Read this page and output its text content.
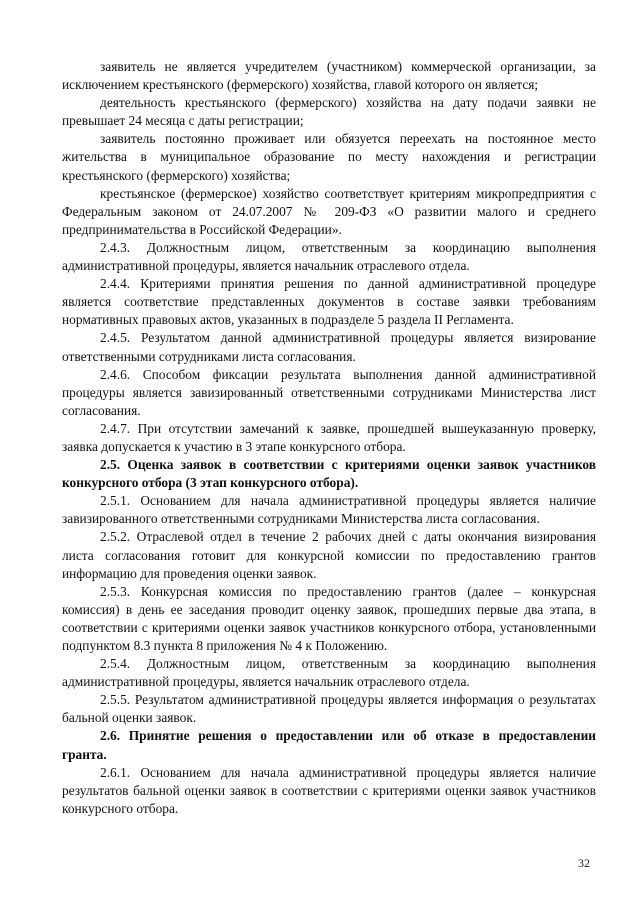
заявитель не является учредителем (участником) коммерческой организации, за исключением крестьянского (фермерского) хозяйства, главой которого он является;

деятельность крестьянского (фермерского) хозяйства на дату подачи заявки не превышает 24 месяца с даты регистрации;

заявитель постоянно проживает или обязуется переехать на постоянное место жительства в муниципальное образование по месту нахождения и регистрации крестьянского (фермерского) хозяйства;

крестьянское (фермерское) хозяйство соответствует критериям микропредприятия с Федеральным законом от 24.07.2007 № 209-ФЗ «О развитии малого и среднего предпринимательства в Российской Федерации».

2.4.3. Должностным лицом, ответственным за координацию выполнения административной процедуры, является начальник отраслевого отдела.

2.4.4. Критериями принятия решения по данной административной процедуре является соответствие представленных документов в составе заявки требованиям нормативных правовых актов, указанных в подразделе 5 раздела II Регламента.

2.4.5. Результатом данной административной процедуры является визирование ответственными сотрудниками листа согласования.

2.4.6. Способом фиксации результата выполнения данной административной процедуры является завизированный ответственными сотрудниками Министерства лист согласования.

2.4.7. При отсутствии замечаний к заявке, прошедшей вышеуказанную проверку, заявка допускается к участию в 3 этапе конкурсного отбора.

2.5. Оценка заявок в соответствии с критериями оценки заявок участников конкурсного отбора (3 этап конкурсного отбора).

2.5.1. Основанием для начала административной процедуры является наличие завизированного ответственными сотрудниками Министерства листа согласования.

2.5.2. Отраслевой отдел в течение 2 рабочих дней с даты окончания визирования листа согласования готовит для конкурсной комиссии по предоставлению грантов информацию для проведения оценки заявок.

2.5.3. Конкурсная комиссия по предоставлению грантов (далее – конкурсная комиссия) в день ее заседания проводит оценку заявок, прошедших первые два этапа, в соответствии с критериями оценки заявок участников конкурсного отбора, установленными подпунктом 8.3 пункта 8 приложения № 4 к Положению.

2.5.4. Должностным лицом, ответственным за координацию выполнения административной процедуры, является начальник отраслевого отдела.

2.5.5. Результатом административной процедуры является информация о результатах бальной оценки заявок.

2.6. Принятие решения о предоставлении или об отказе в предоставлении гранта.

2.6.1. Основанием для начала административной процедуры является наличие результатов бальной оценки заявок в соответствии с критериями оценки заявок участников конкурсного отбора.

32
